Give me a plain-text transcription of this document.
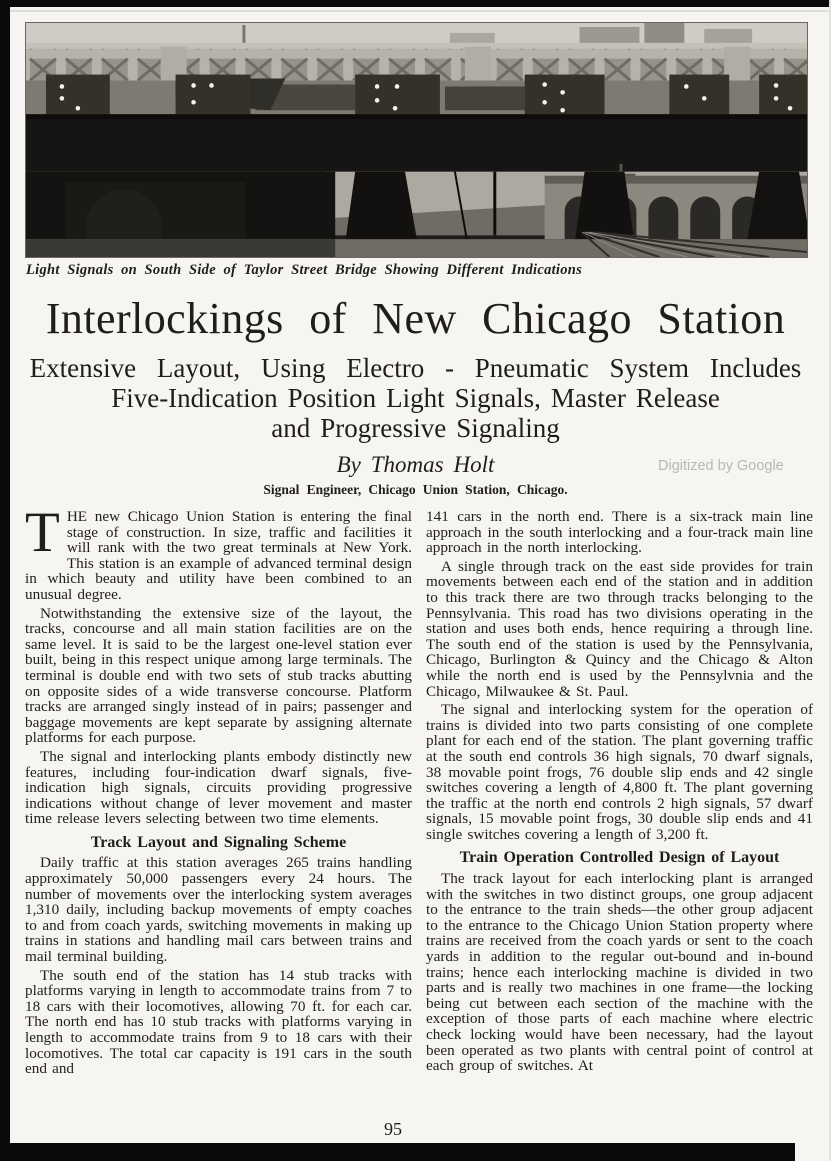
Light Signals on South Side of Taylor Street Bridge Showing Different Indications
Interlockings of New Chicago Station
Extensive Layout, Using Electro - Pneumatic System Includes
Five-Indication Position Light Signals, Master Release
and Progressive Signaling
By Thomas Holt
Signal Engineer, Chicago Union Station, Chicago.
Digitized by Google

THE new Chicago Union Station is entering the final stage of construction. In size, traffic and facilities it will rank with the two great terminals at New York. This station is an example of advanced terminal design in which beauty and utility have been combined to an unusual degree.

Notwithstanding the extensive size of the layout, the tracks, concourse and all main station facilities are on the same level. It is said to be the largest one-level station ever built, being in this respect unique among large terminals. The terminal is double end with two sets of stub tracks abutting on opposite sides of a wide transverse concourse. Platform tracks are arranged singly instead of in pairs; passenger and baggage movements are kept separate by assigning alternate platforms for each purpose.

The signal and interlocking plants embody distinctly new features, including four-indication dwarf signals, five-indication high signals, circuits providing progressive indications without change of lever movement and master time release levers selecting between two time elements.

Track Layout and Signaling Scheme

Daily traffic at this station averages 265 trains handling approximately 50,000 passengers every 24 hours. The number of movements over the interlocking system averages 1,310 daily, including backup movements of empty coaches to and from coach yards, switching movements in making up trains in stations and handling mail cars between trains and mail terminal building.

The south end of the station has 14 stub tracks with platforms varying in length to accommodate trains from 7 to 18 cars with their locomotives, allowing 70 ft. for each car. The north end has 10 stub tracks with platforms varying in length to accommodate trains from 9 to 18 cars with their locomotives. The total car capacity is 191 cars in the south end and

141 cars in the north end. There is a six-track main line approach in the south interlocking and a four-track main line approach in the north interlocking.

A single through track on the east side provides for train movements between each end of the station and in addition to this track there are two through tracks belonging to the Pennsylvania. This road has two divisions operating in the station and uses both ends, hence requiring a through line. The south end of the station is used by the Pennsylvania, Chicago, Burlington & Quincy and the Chicago & Alton while the north end is used by the Pennsylvnia and the Chicago, Milwaukee & St. Paul.

The signal and interlocking system for the operation of trains is divided into two parts consisting of one complete plant for each end of the station. The plant governing traffic at the south end controls 36 high signals, 70 dwarf signals, 38 movable point frogs, 76 double slip ends and 42 single switches covering a length of 4,800 ft. The plant governing the traffic at the north end controls 2 high signals, 57 dwarf signals, 15 movable point frogs, 30 double slip ends and 41 single switches covering a length of 3,200 ft.

Train Operation Controlled Design of Layout

The track layout for each interlocking plant is arranged with the switches in two distinct groups, one group adjacent to the entrance to the train sheds—the other group adjacent to the entrance to the Chicago Union Station property where trains are received from the coach yards or sent to the coach yards in addition to the regular out-bound and in-bound trains; hence each interlocking machine is divided in two parts and is really two machines in one frame—the locking being cut between each section of the machine with the exception of those parts of each machine where electric check locking would have been necessary, had the layout been operated as two plants with central point of control at each group of switches. At

95
